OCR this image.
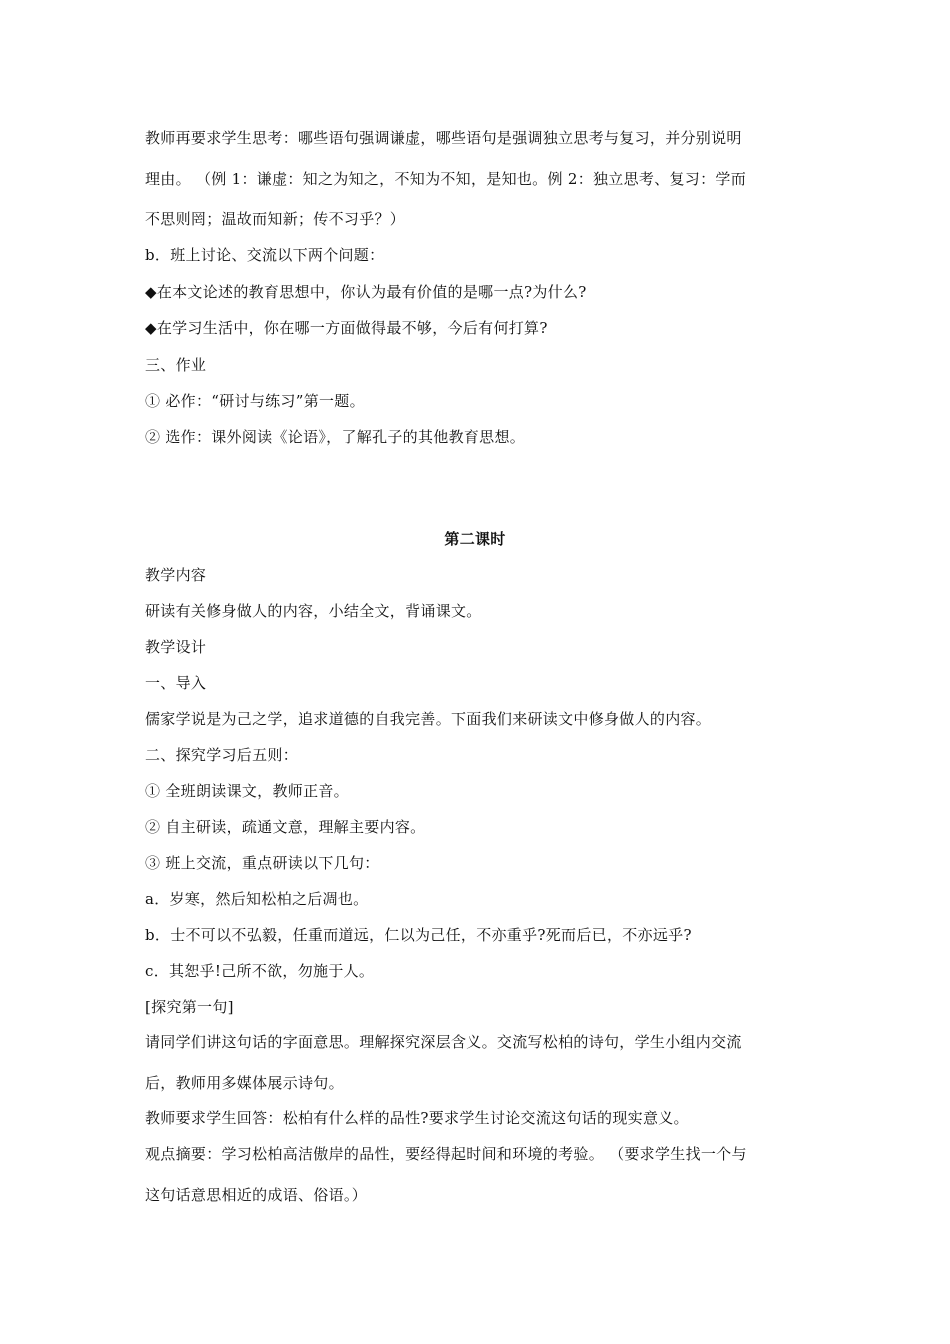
教师再要求学生思考：哪些语句强调谦虚，哪些语句是强调独立思考与复习，并分别说明
理由。 （例 1：谦虚：知之为知之，不知为不知，是知也。例 2：独立思考、复习：学而
不思则罔；温故而知新；传不习乎？）
b．班上讨论、交流以下两个问题：
◆在本文论述的教育思想中，你认为最有价值的是哪一点?为什么?
◆在学习生活中，你在哪一方面做得最不够，今后有何打算?
三、作业
① 必作：“研讨与练习”第一题。
② 选作：课外阅读《论语》，了解孔子的其他教育思想。
第二课时
教学内容
研读有关修身做人的内容，小结全文，背诵课文。
教学设计
一、导入
儒家学说是为己之学，追求道德的自我完善。下面我们来研读文中修身做人的内容。
二、探究学习后五则：
① 全班朗读课文，教师正音。
② 自主研读，疏通文意，理解主要内容。
③ 班上交流，重点研读以下几句：
a．岁寒，然后知松柏之后凋也。
b．士不可以不弘毅，任重而道远，仁以为己任，不亦重乎?死而后已，不亦远乎?
c．其恕乎!己所不欲，勿施于人。
[探究第一句]
请同学们讲这句话的字面意思。理解探究深层含义。交流写松柏的诗句，学生小组内交流
后，教师用多媒体展示诗句。
教师要求学生回答：松柏有什么样的品性?要求学生讨论交流这句话的现实意义。
观点摘要：学习松柏高洁傲岸的品性，要经得起时间和环境的考验。 （要求学生找一个与
这句话意思相近的成语、俗语。）
